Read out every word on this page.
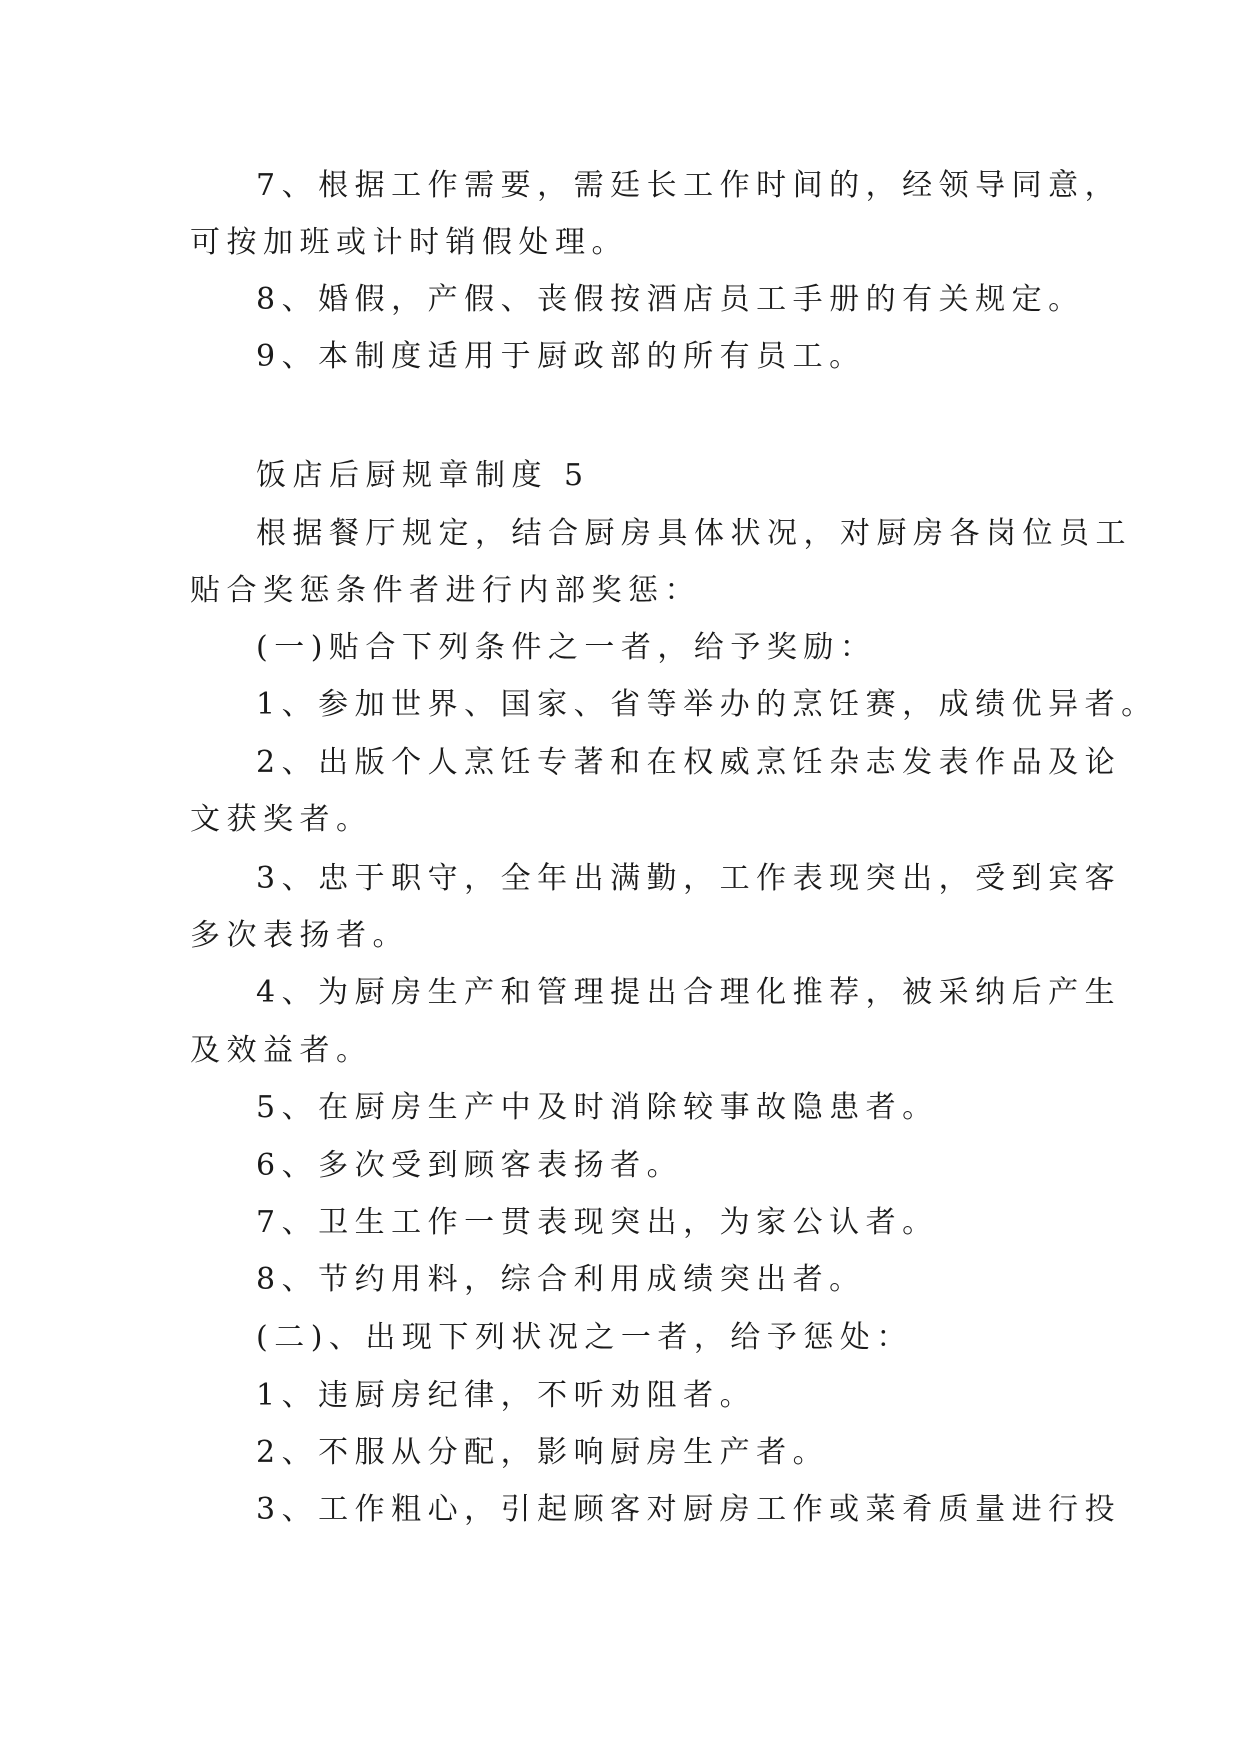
7、根据工作需要，需廷长工作时间的，经领导同意，

可按加班或计时销假处理。

8、婚假，产假、丧假按酒店员工手册的有关规定。

9、本制度适用于厨政部的所有员工。

饭店后厨规章制度 5

根据餐厅规定，结合厨房具体状况，对厨房各岗位员工

贴合奖惩条件者进行内部奖惩：

(一)贴合下列条件之一者，给予奖励：

1、参加世界、国家、省等举办的烹饪赛，成绩优异者。

2、出版个人烹饪专著和在权威烹饪杂志发表作品及论

文获奖者。

3、忠于职守，全年出满勤，工作表现突出，受到宾客

多次表扬者。

4、为厨房生产和管理提出合理化推荐，被采纳后产生

及效益者。

5、在厨房生产中及时消除较事故隐患者。

6、多次受到顾客表扬者。

7、卫生工作一贯表现突出，为家公认者。

8、节约用料，综合利用成绩突出者。

(二)、出现下列状况之一者，给予惩处：

1、违厨房纪律，不听劝阻者。

2、不服从分配，影响厨房生产者。

3、工作粗心，引起顾客对厨房工作或菜肴质量进行投
